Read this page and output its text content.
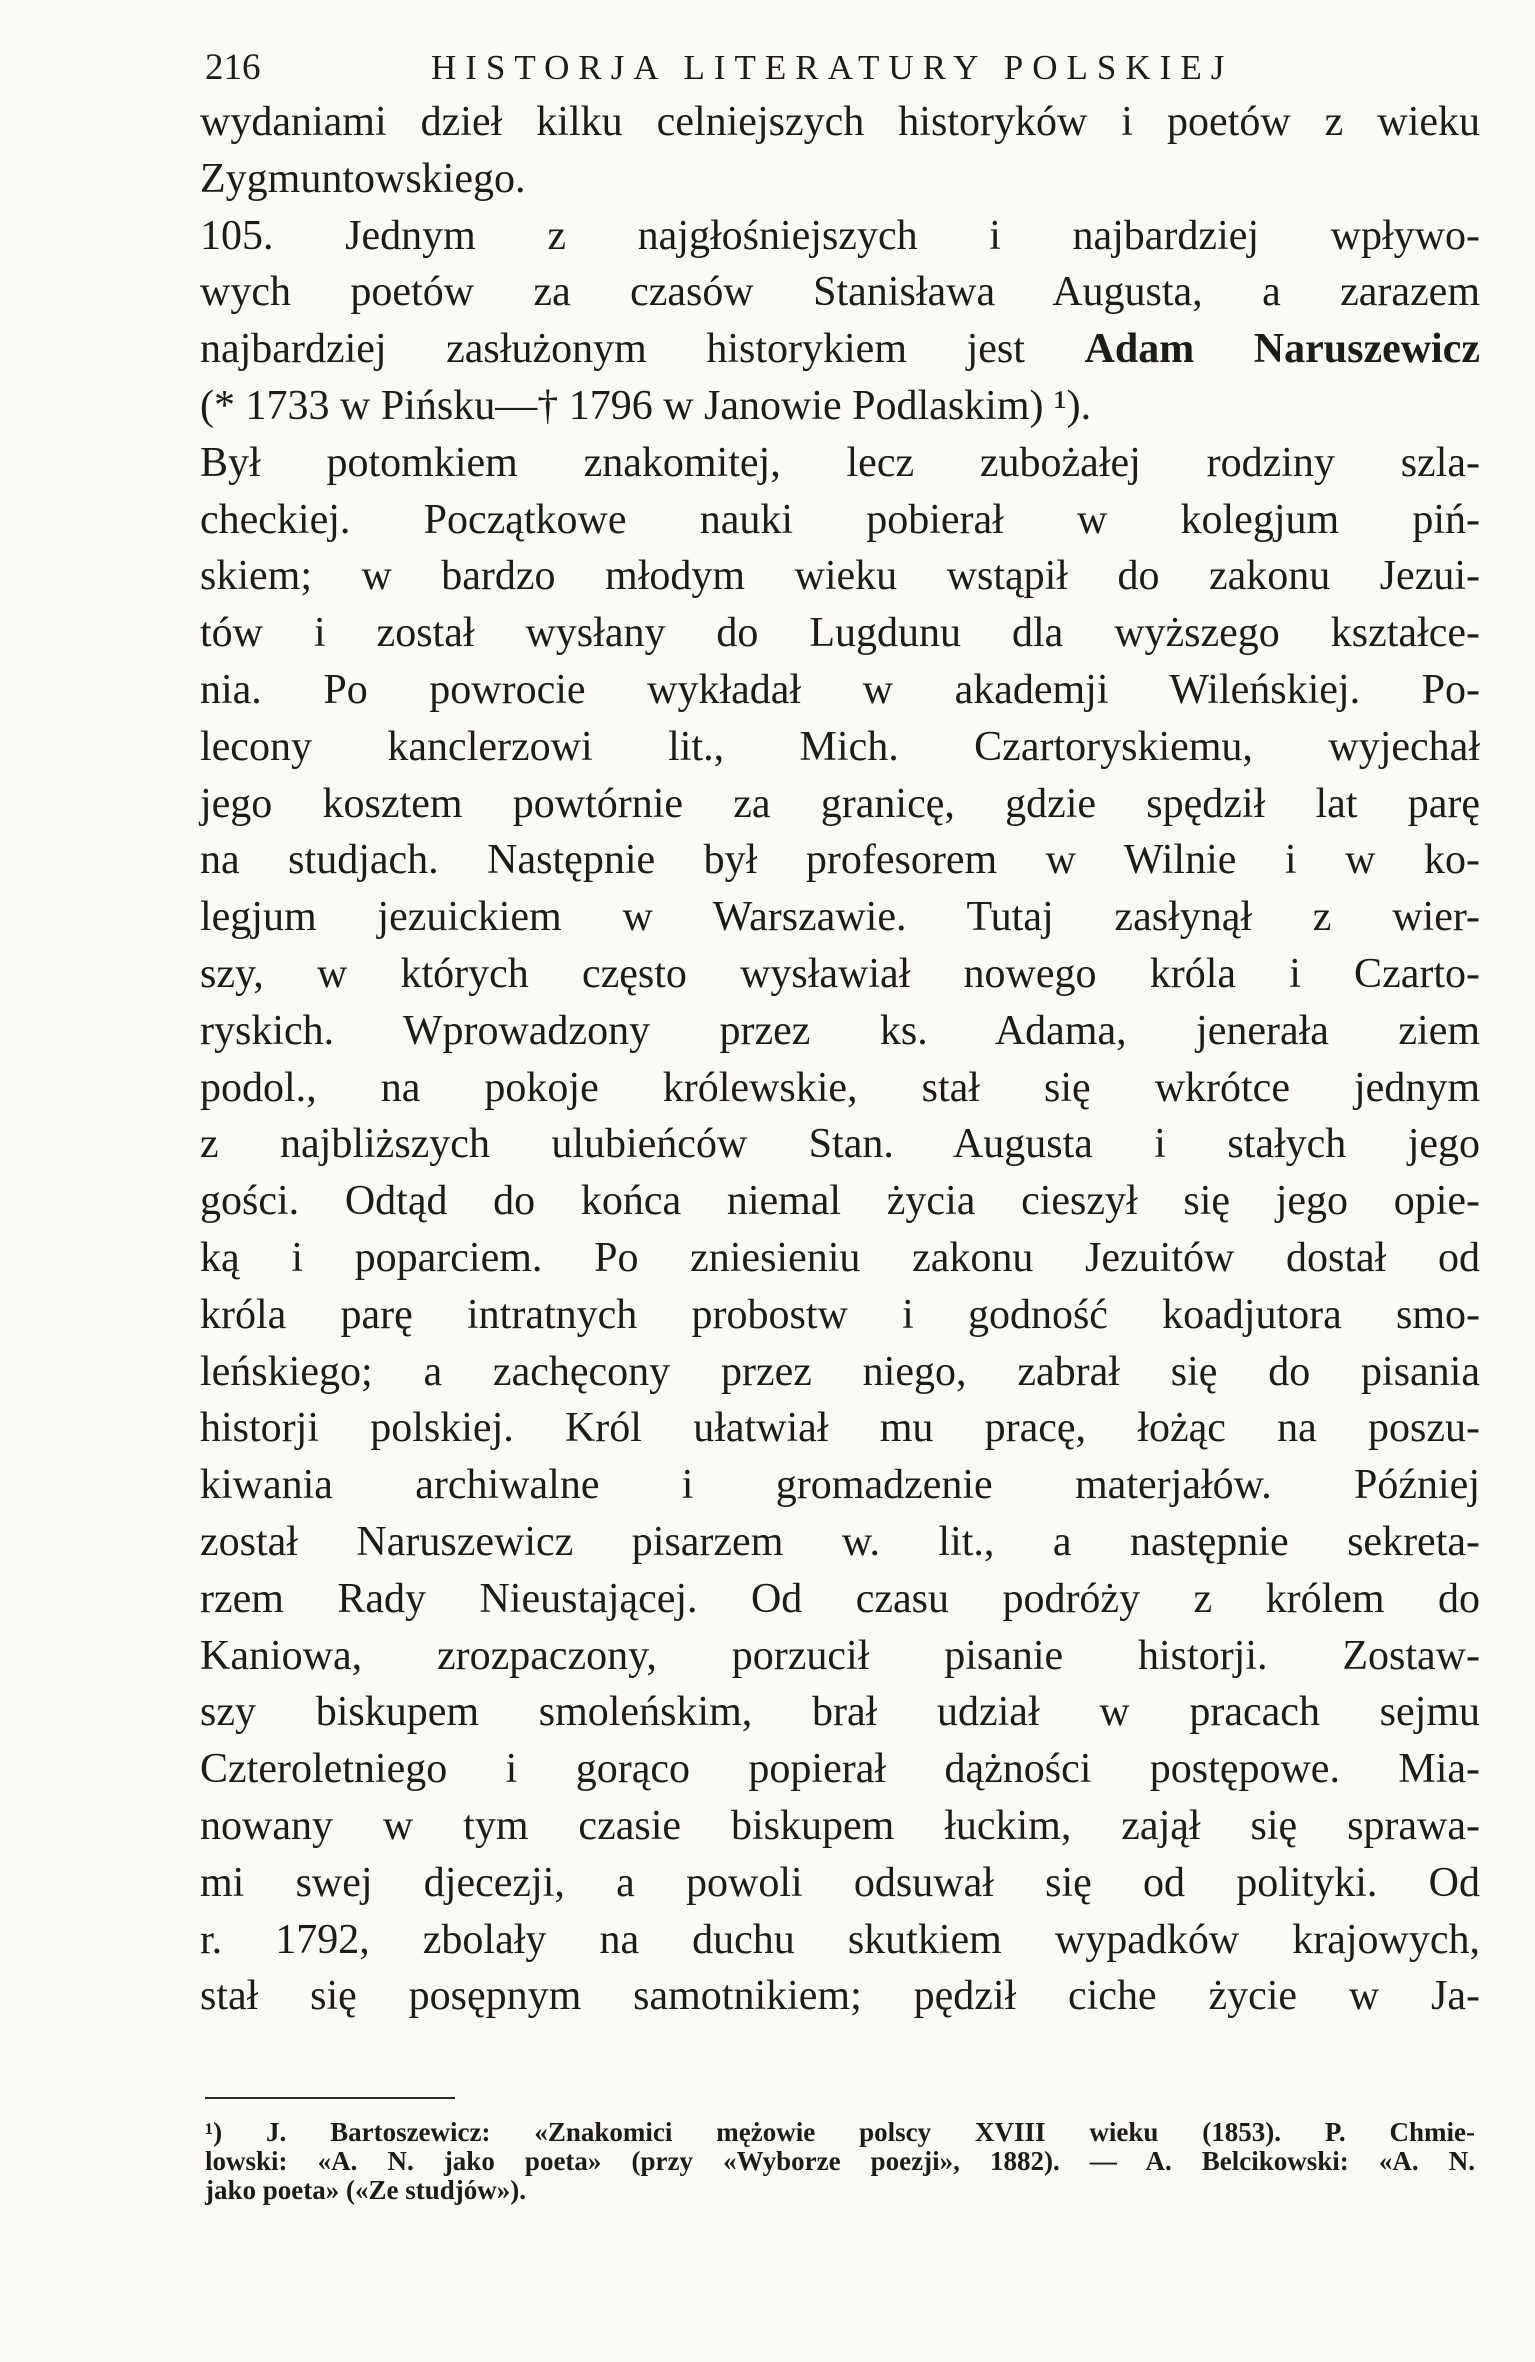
216	HISTORJA LITERATURY POLSKIEJ
wydaniami dzieł kilku celniejszych historyków i poetów z wieku
Zygmuntowskiego.
105. Jednym z najgłośniejszych i najbardziej wpływo-
wych poetów za czasów Stanisława Augusta, a zarazem
najbardziej zasłużonym historykiem jest Adam Naruszewicz
(* 1733 w Pińsku—† 1796 w Janowie Podlaskim) ¹).
Był potomkiem znakomitej, lecz zubożałej rodziny szla-
checkiej. Początkowe nauki pobierał w kolegjum piń-
skiem; w bardzo młodym wieku wstąpił do zakonu Jezui-
tów i został wysłany do Lugdunu dla wyższego kształce-
nia. Po powrocie wykładał w akademji Wileńskiej. Po-
lecony kanclerzowi lit., Mich. Czartoryskiemu, wyjechał
jego kosztem powtórnie za granicę, gdzie spędził lat parę
na studjach. Następnie był profesorem w Wilnie i w ko-
legjum jezuickiem w Warszawie. Tutaj zasłynął z wier-
szy, w których często wysławiał nowego króla i Czarto-
ryskich. Wprowadzony przez ks. Adama, jenerała ziem
podol., na pokoje królewskie, stał się wkrótce jednym
z najbliższych ulubieńców Stan. Augusta i stałych jego
gości. Odtąd do końca niemal życia cieszył się jego opie-
ką i poparciem. Po zniesieniu zakonu Jezuitów dostał od
króla parę intratnych probostw i godność koadjutora smo-
leńskiego; a zachęcony przez niego, zabrał się do pisania
historji polskiej. Król ułatwiał mu pracę, łożąc na poszu-
kiwania archiwalne i gromadzenie materjałów. Później
został Naruszewicz pisarzem w. lit., a następnie sekreta-
rzem Rady Nieustającej. Od czasu podróży z królem do
Kaniowa, zrozpaczony, porzucił pisanie historji. Zostaw-
szy biskupem smoleńskim, brał udział w pracach sejmu
Czteroletniego i gorąco popierał dążności postępowe. Mia-
nowany w tym czasie biskupem łuckim, zajął się sprawa-
mi swej djecezji, a powoli odsuwał się od polityki. Od
r. 1792, zbolały na duchu skutkiem wypadków krajowych,
stał się posępnym samotnikiem; pędził ciche życie w Ja-
¹) J. Bartoszewicz: «Znakomici mężowie polscy XVIII wieku (1853). P. Chmie-
lowski: «A. N. jako poeta» (przy «Wyborze poezji», 1882). — A. Belcikowski: «A. N.
jako poeta» («Ze studjów»).
